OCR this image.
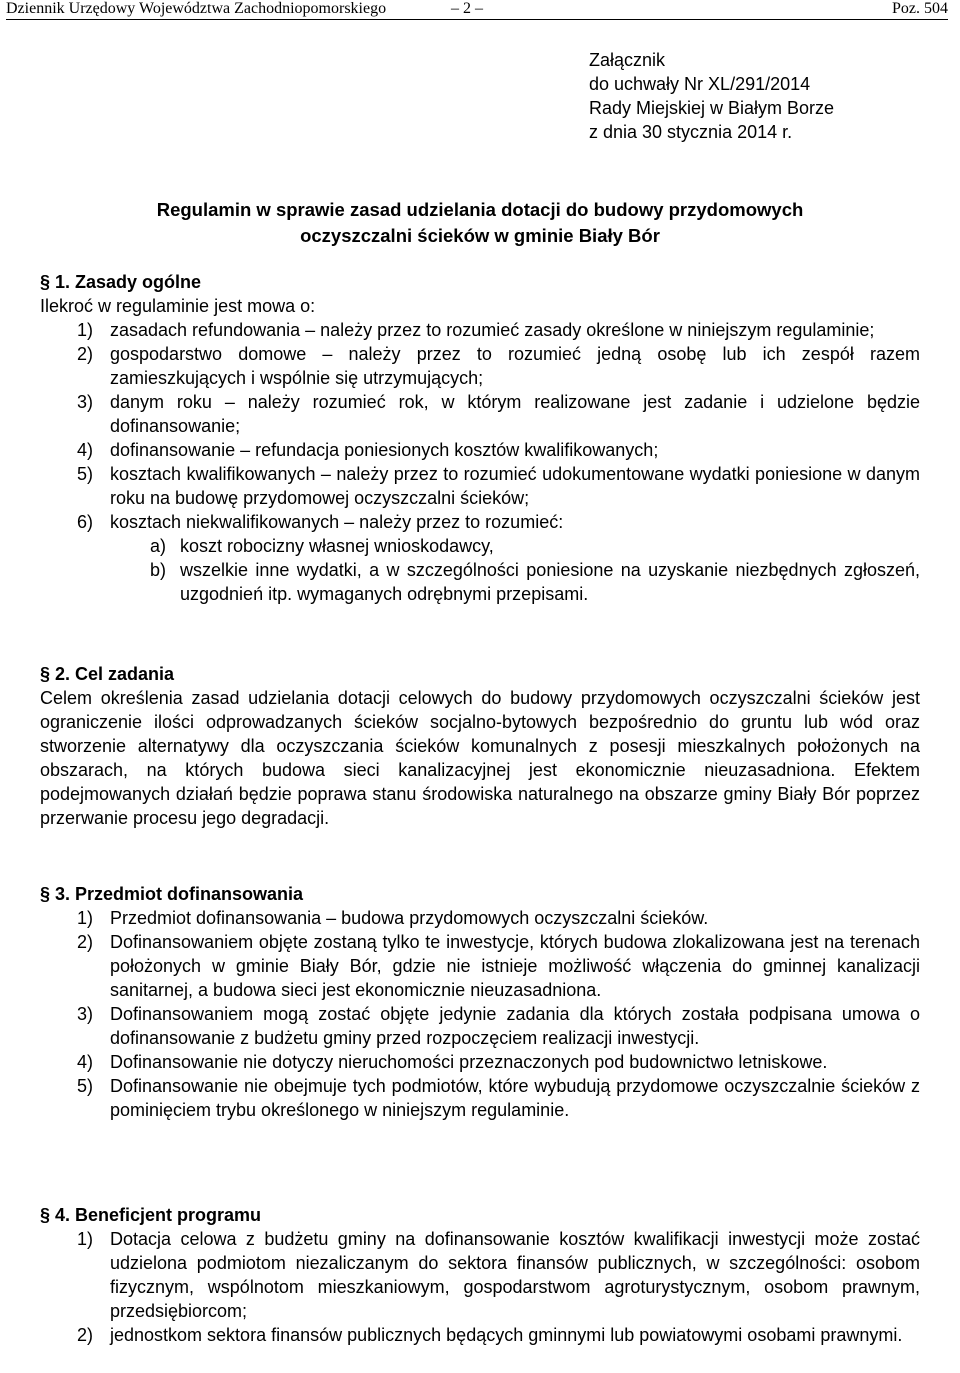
Dziennik Urzędowy Województwa Zachodniopomorskiego	– 2 –	Poz. 504
Załącznik
do uchwały Nr XL/291/2014
Rady Miejskiej w Białym Borze
z dnia 30 stycznia 2014 r.
Regulamin w sprawie zasad udzielania dotacji do budowy przydomowych
oczyszczalni ścieków w gminie Biały Bór
§ 1. Zasady ogólne
Ilekroć w regulaminie jest mowa o:
1) zasadach refundowania – należy przez to rozumieć zasady określone w niniejszym regulaminie;
2) gospodarstwo domowe – należy przez to rozumieć jedną osobę lub ich zespół razem zamieszkujących i wspólnie się utrzymujących;
3) danym roku – należy rozumieć rok, w którym realizowane jest zadanie i udzielone będzie dofinansowanie;
4) dofinansowanie – refundacja poniesionych kosztów kwalifikowanych;
5) kosztach kwalifikowanych – należy przez to rozumieć udokumentowane wydatki poniesione w danym roku na budowę przydomowej oczyszczalni ścieków;
6) kosztach niekwalifikowanych – należy przez to rozumieć:
a) koszt robocizny własnej wnioskodawcy,
b) wszelkie inne wydatki, a w szczególności poniesione na uzyskanie niezbędnych zgłoszeń, uzgodnień itp. wymaganych odrębnymi przepisami.
§ 2. Cel zadania
Celem określenia zasad udzielania dotacji celowych do budowy przydomowych oczyszczalni ścieków jest ograniczenie ilości odprowadzanych ścieków socjalno-bytowych bezpośrednio do gruntu lub wód oraz stworzenie alternatywy dla oczyszczania ścieków komunalnych z posesji mieszkalnych położonych na obszarach, na których budowa sieci kanalizacyjnej jest ekonomicznie nieuzasadniona. Efektem podejmowanych działań będzie poprawa stanu środowiska naturalnego na obszarze gminy Biały Bór poprzez przerwanie procesu jego degradacji.
§ 3. Przedmiot dofinansowania
1) Przedmiot dofinansowania – budowa przydomowych oczyszczalni ścieków.
2) Dofinansowaniem objęte zostaną tylko te inwestycje, których budowa zlokalizowana jest na terenach położonych w gminie Biały Bór, gdzie nie istnieje możliwość włączenia do gminnej kanalizacji sanitarnej, a budowa sieci jest ekonomicznie nieuzasadniona.
3) Dofinansowaniem mogą zostać objęte jedynie zadania dla których została podpisana umowa o dofinansowanie z budżetu gminy przed rozpoczęciem realizacji inwestycji.
4) Dofinansowanie nie dotyczy nieruchomości przeznaczonych pod budownictwo letniskowe.
5) Dofinansowanie nie obejmuje tych podmiotów, które wybudują przydomowe oczyszczalnie ścieków z pominięciem trybu określonego w niniejszym regulaminie.
§ 4. Beneficjent programu
1) Dotacja celowa z budżetu gminy na dofinansowanie kosztów kwalifikacji inwestycji może zostać udzielona podmiotom niezaliczanym do sektora finansów publicznych, w szczególności: osobom fizycznym, wspólnotom mieszkaniowym, gospodarstwom agroturystycznym, osobom prawnym, przedsiębiorcom;
2) jednostkom sektora finansów publicznych będących gminnymi lub powiatowymi osobami prawnymi.
